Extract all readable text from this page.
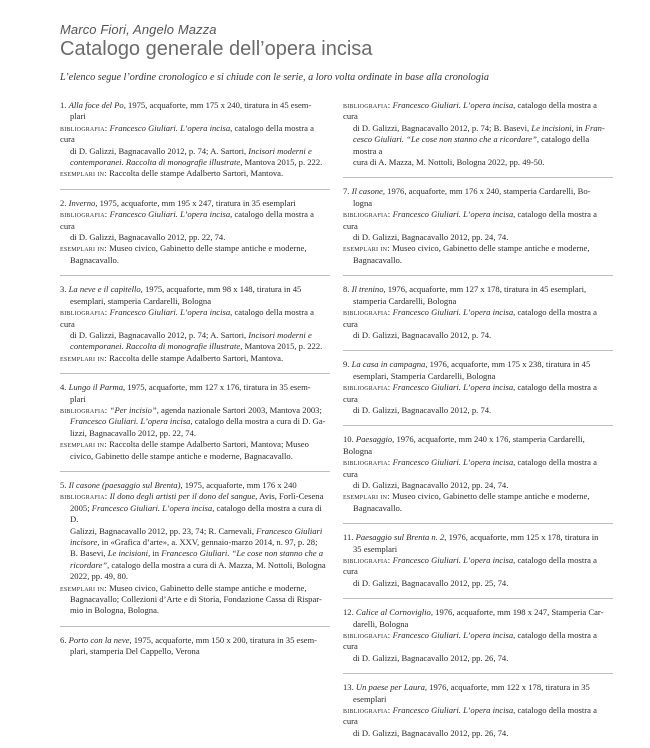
Marco Fiori, Angelo Mazza
Catalogo generale dell’opera incisa
L’elenco segue l’ordine cronologico e si chiude con le serie, a loro volta ordinate in base alla cronologia

1. Alla foce del Po, 1975, acquaforte, mm 175 x 240, tiratura in 45 esem-

plari

bibliografia: Francesco Giuliari. L’opera incisa, catalogo della mostra a cura

di D. Galizzi, Bagnacavallo 2012, p. 74; A. Sartori, Incisori moderni e

contemporanei. Raccolta di monografie illustrate, Mantova 2015, p. 222.

esemplari in: Raccolta delle stampe Adalberto Sartori, Mantova.

2. Inverno, 1975, acquaforte, mm 195 x 247, tiratura in 35 esemplari

bibliografia: Francesco Giuliari. L’opera incisa, catalogo della mostra a cura

di D. Galizzi, Bagnacavallo 2012, pp. 22, 74.

esemplari in: Museo civico, Gabinetto delle stampe antiche e moderne,

Bagnacavallo.

3. La neve e il capitello, 1975, acquaforte, mm 98 x 148, tiratura in 45

esemplari, stamperia Cardarelli, Bologna

bibliografia: Francesco Giuliari. L’opera incisa, catalogo della mostra a cura

di D. Galizzi, Bagnacavallo 2012, p. 74; A. Sartori, Incisori moderni e

contemporanei. Raccolta di monografie illustrate, Mantova 2015, p. 222.

esemplari in: Raccolta delle stampe Adalberto Sartori, Mantova.

4. Lungo il Parma, 1975, acquaforte, mm 127 x 176, tiratura in 35 esem-

plari

bibliografia: “Per incisio”, agenda nazionale Sartori 2003, Mantova 2003;

Francesco Giuliari. L’opera incisa, catalogo della mostra a cura di D. Ga-

lizzi, Bagnacavallo 2012, pp. 22, 74.

esemplari in: Raccolta delle stampe Adalberto Sartori, Mantova; Museo

civico, Gabinetto delle stampe antiche e moderne, Bagnacavallo.

5. Il casone (paesaggio sul Brenta), 1975, acquaforte, mm 176 x 240

bibliografia: Il dono degli artisti per il dono del sangue, Avis, Forlì-Cesena

2005; Francesco Giuliari. L’opera incisa, catalogo della mostra a cura di D.

Galizzi, Bagnacavallo 2012, pp. 23, 74; R. Carnevali, Francesco Giuliari

incisore, in «Grafica d’arte», a. XXV, gennaio-marzo 2014, n. 97, p. 28;

B. Basevi, Le incisioni, in Francesco Giuliari. “Le cose non stanno che a

ricordare”, catalogo della mostra a cura di A. Mazza, M. Nottoli, Bologna

2022, pp. 49, 80.

esemplari in: Museo civico, Gabinetto delle stampe antiche e moderne,

Bagnacavallo; Collezioni d’Arte e di Storia, Fondazione Cassa di Rispar-

mio in Bologna, Bologna.

6. Porto con la neve, 1975, acquaforte, mm 150 x 200, tiratura in 35 esem-

plari, stamperia Del Cappello, Verona

bibliografia: Francesco Giuliari. L’opera incisa, catalogo della mostra a cura

di D. Galizzi, Bagnacavallo 2012, p. 74; B. Basevi, Le incisioni, in Fran-

cesco Giuliari. “Le cose non stanno che a ricordare”, catalogo della mostra a

cura di A. Mazza, M. Nottoli, Bologna 2022, pp. 49-50.

7. Il casone, 1976, acquaforte, mm 176 x 240, stamperia Cardarelli, Bo-

logna

bibliografia: Francesco Giuliari. L’opera incisa, catalogo della mostra a cura

di D. Galizzi, Bagnacavallo 2012, pp. 24, 74.

esemplari in: Museo civico, Gabinetto delle stampe antiche e moderne,

Bagnacavallo.

8. Il trenino, 1976, acquaforte, mm 127 x 178, tiratura in 45 esemplari,

stamperia Cardarelli, Bologna

bibliografia: Francesco Giuliari. L’opera incisa, catalogo della mostra a cura

di D. Galizzi, Bagnacavallo 2012, p. 74.

9. La casa in campagna, 1976, acquaforte, mm 175 x 238, tiratura in 45

esemplari, Stamperia Cardarelli, Bologna

bibliografia: Francesco Giuliari. L’opera incisa, catalogo della mostra a cura

di D. Galizzi, Bagnacavallo 2012, p. 74.

10. Paesaggio, 1976, acquaforte, mm 240 x 176, stamperia Cardarelli, Bologna

bibliografia: Francesco Giuliari. L’opera incisa, catalogo della mostra a cura

di D. Galizzi, Bagnacavallo 2012, pp. 24, 74.

esemplari in: Museo civico, Gabinetto delle stampe antiche e moderne,

Bagnacavallo.

11. Paesaggio sul Brenta n. 2, 1976, acquaforte, mm 125 x 178, tiratura in

35 esemplari

bibliografia: Francesco Giuliari. L’opera incisa, catalogo della mostra a cura

di D. Galizzi, Bagnacavallo 2012, pp. 25, 74.

12. Calice al Cornoviglio, 1976, acquaforte, mm 198 x 247, Stamperia Car-

darelli, Bologna

bibliografia: Francesco Giuliari. L’opera incisa, catalogo della mostra a cura

di D. Galizzi, Bagnacavallo 2012, pp. 26, 74.

13. Un paese per Laura, 1976, acquaforte, mm 122 x 178, tiratura in 35

esemplari

bibliografia: Francesco Giuliari. L’opera incisa, catalogo della mostra a cura

di D. Galizzi, Bagnacavallo 2012, pp. 26, 74.
